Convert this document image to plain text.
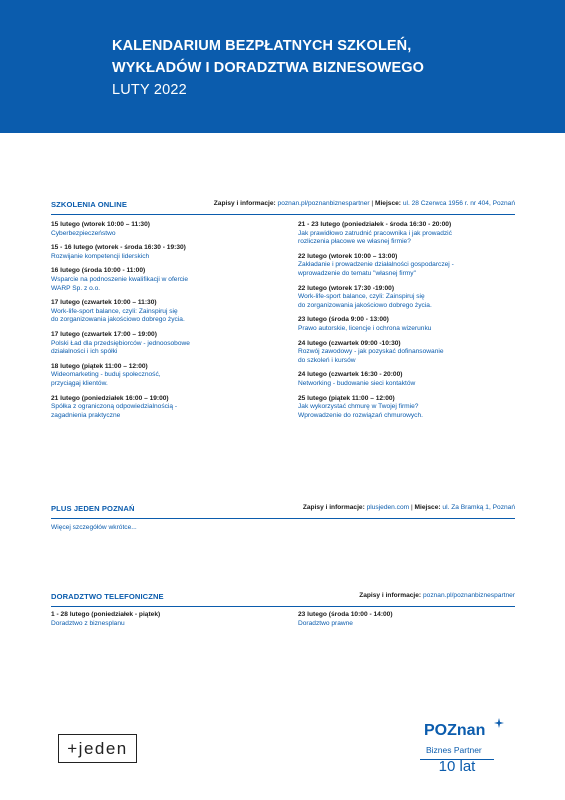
KALENDARIUM BEZPŁATNYCH SZKOLEŃ,
WYKŁADÓW I DORADZTWA BIZNESOWEGO
LUTY 2022
SZKOLENIA ONLINE	Zapisy i informacje: poznan.pl/poznanbiznespartner | Miejsce: ul. 28 Czerwca 1956 r. nr 404, Poznań
15 lutego (wtorek 10:00 – 11:30)
Cyberbezpieczeństwo
15 - 16 lutego (wtorek - środa 16:30 - 19:30)
Rozwijanie kompetencji liderskich
16 lutego (środa 10:00 - 11:00)
Wsparcie na podnoszenie kwalifikacji w ofercie
WARP Sp. z o.o.
17 lutego (czwartek 10:00 – 11:30)
Work-life-sport balance, czyli: Zainspiruj się
do zorganizowania jakościowo dobrego życia.
17 lutego (czwartek 17:00 – 19:00)
Polski Ład dla przedsiębiorców - jednoosobowe
działalności i ich spółki
18 lutego (piątek 11:00 – 12:00)
Wideomarketing - buduj społeczność,
przyciągaj klientów.
21 lutego (poniedziałek 16:00 – 19:00)
Spółka z ograniczoną odpowiedzialnością -
zagadnienia praktyczne
21 - 23 lutego (poniedziałek - środa 16:30 - 20:00)
Jak prawidłowo zatrudnić pracownika i jak prowadzić
rozliczenia płacowe we własnej firmie?
22 lutego (wtorek 10:00 – 13:00)
Zakładanie i prowadzenie działalności gospodarczej -
wprowadzenie do tematu "własnej firmy"
22 lutego (wtorek 17:30 -19:00)
Work-life-sport balance, czyli: Zainspiruj się
do zorganizowania jakościowo dobrego życia.
23 lutego (środa 9:00 - 13:00)
Prawo autorskie, licencje i ochrona wizerunku
24 lutego (czwartek 09:00 -10:30)
Rozwój zawodowy - jak pozyskać dofinansowanie
do szkoleń i kursów
24 lutego (czwartek 16:30 - 20:00)
Networking - budowanie sieci kontaktów
25 lutego (piątek 11:00 – 12:00)
Jak wykorzystać chmurę w Twojej firmie?
Wprowadzenie do rozwiązań chmurowych.
PLUS JEDEN POZNAŃ	Zapisy i informacje: plusjeden.com | Miejsce: ul. Za Bramką 1, Poznań
Więcej szczegółów wkrótce...
DORADZTWO TELEFONICZNE	Zapisy i informacje: poznan.pl/poznanbiznespartner
1 - 28 lutego (poniedziałek - piątek)
Doradztwo z biznesplanu
23 lutego (środa 10:00 - 14:00)
Doradztwo prawne
+jeden
POZnan
Biznes Partner
10 lat
